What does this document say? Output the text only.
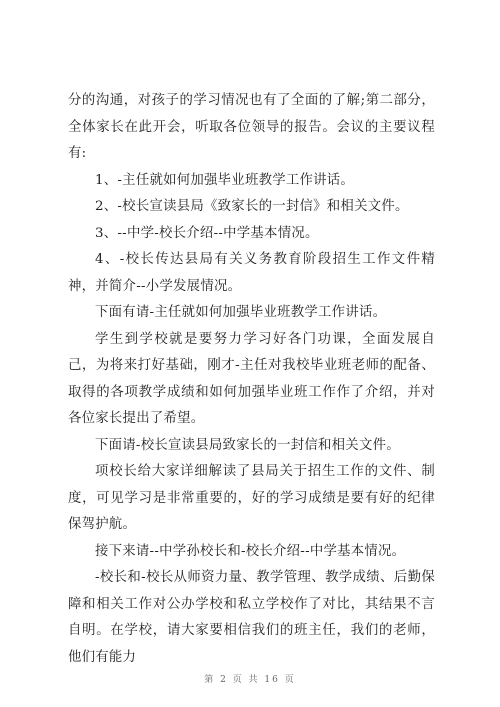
分的沟通，对孩子的学习情况也有了全面的了解;第二部分，全体家长在此开会，听取各位领导的报告。会议的主要议程有:

1、-主任就如何加强毕业班教学工作讲话。

2、-校长宣读县局《致家长的一封信》和相关文件。

3、--中学-校长介绍--中学基本情况。

4、-校长传达县局有关义务教育阶段招生工作文件精神，并简介--小学发展情况。

下面有请-主任就如何加强毕业班教学工作讲话。

学生到学校就是要努力学习好各门功课，全面发展自己，为将来打好基础，刚才-主任对我校毕业班老师的配备、取得的各项教学成绩和如何加强毕业班工作作了介绍，并对各位家长提出了希望。

下面请-校长宣读县局致家长的一封信和相关文件。

项校长给大家详细解读了县局关于招生工作的文件、制度，可见学习是非常重要的，好的学习成绩是要有好的纪律保驾护航。

接下来请--中学孙校长和-校长介绍--中学基本情况。

-校长和-校长从师资力量、教学管理、教学成绩、后勤保障和相关工作对公办学校和私立学校作了对比，其结果不言自明。在学校，请大家要相信我们的班主任，我们的老师，他们有能力

第 2 页 共 16 页
